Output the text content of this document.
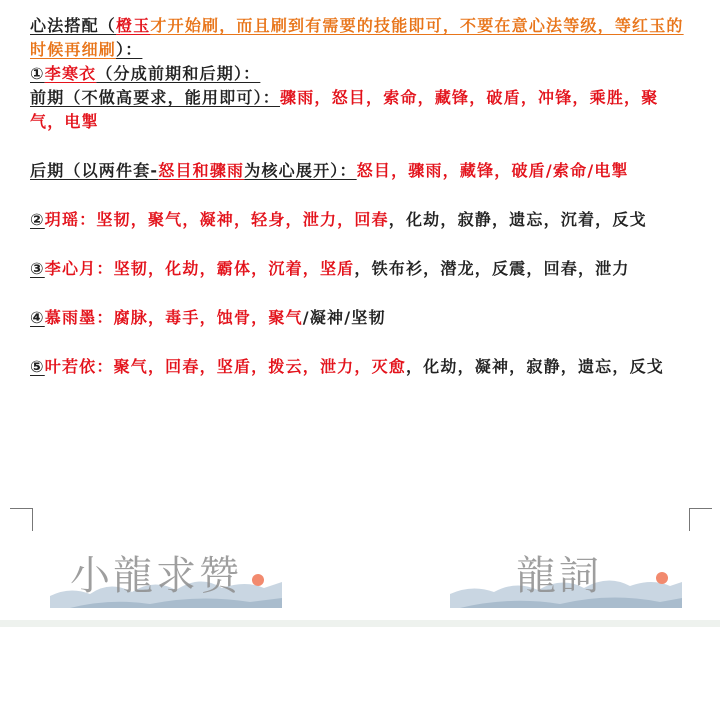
心法搭配（橙玉才开始刷，而且刷到有需要的技能即可，不要在意心法等级，等红玉的时候再细刷）：
①李寒衣（分成前期和后期）：
前期（不做高要求，能用即可）：骤雨，怒目，索命，藏锋，破盾，冲锋，乘胜，聚气，电掣
后期（以两件套-怒目和骤雨为核心展开）：怒目，骤雨，藏锋，破盾/索命/电掣
②玥瑶：坚韧，聚气，凝神，轻身，泄力，回春，化劫，寂静，遗忘，沉着，反戈
③李心月：坚韧，化劫，霸体，沉着，坚盾，铁布衫，潜龙，反震，回春，泄力
④慕雨墨：腐脉，毒手，蚀骨，聚气/凝神/坚韧
⑤叶若依：聚气，回春，坚盾，拨云，泄力，灭愈，化劫，凝神，寂静，遗忘，反戈
小龍求赞	龍詞
